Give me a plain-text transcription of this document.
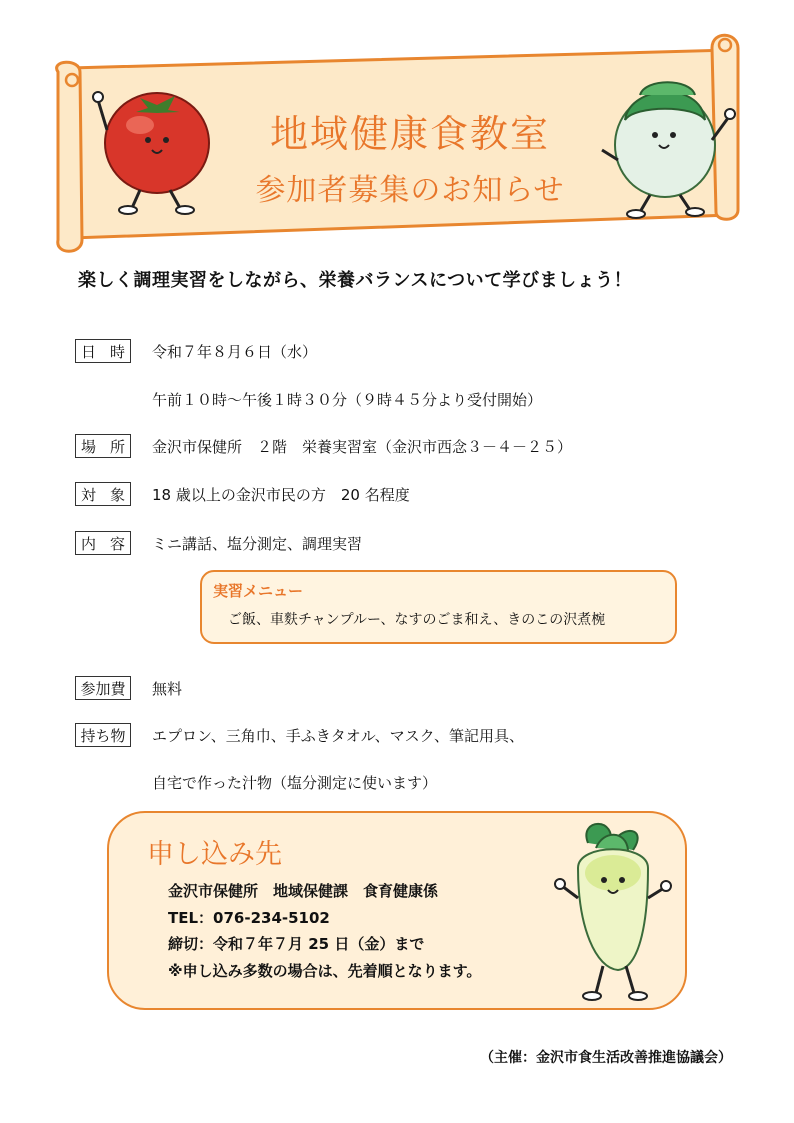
地域健康食教室
参加者募集のお知らせ
楽しく調理実習をしながら、栄養バランスについて学びましょう！
日 時 令和７年８月６日（水）
午前１０時～午後１時３０分（９時４５分より受付開始）
場 所 金沢市保健所　２階　栄養実習室（金沢市西念３－４－２５）
対 象 18 歳以上の金沢市民の方　20 名程度
内 容 ミニ講話、塩分測定、調理実習
実習メニュー
ご飯、車麩チャンプルー、なすのごま和え、きのこの沢煮椀
参加費	無料
持ち物	エプロン、三角巾、手ふきタオル、マスク、筆記用具、
自宅で作った汁物（塩分測定に使います）
申し込み先
金沢市保健所　地域保健課　食育健康係
TEL：076-234-5102
締切：令和７年７月 25 日（金）まで
※申し込み多数の場合は、先着順となります。
（主催：金沢市食生活改善推進協議会）
